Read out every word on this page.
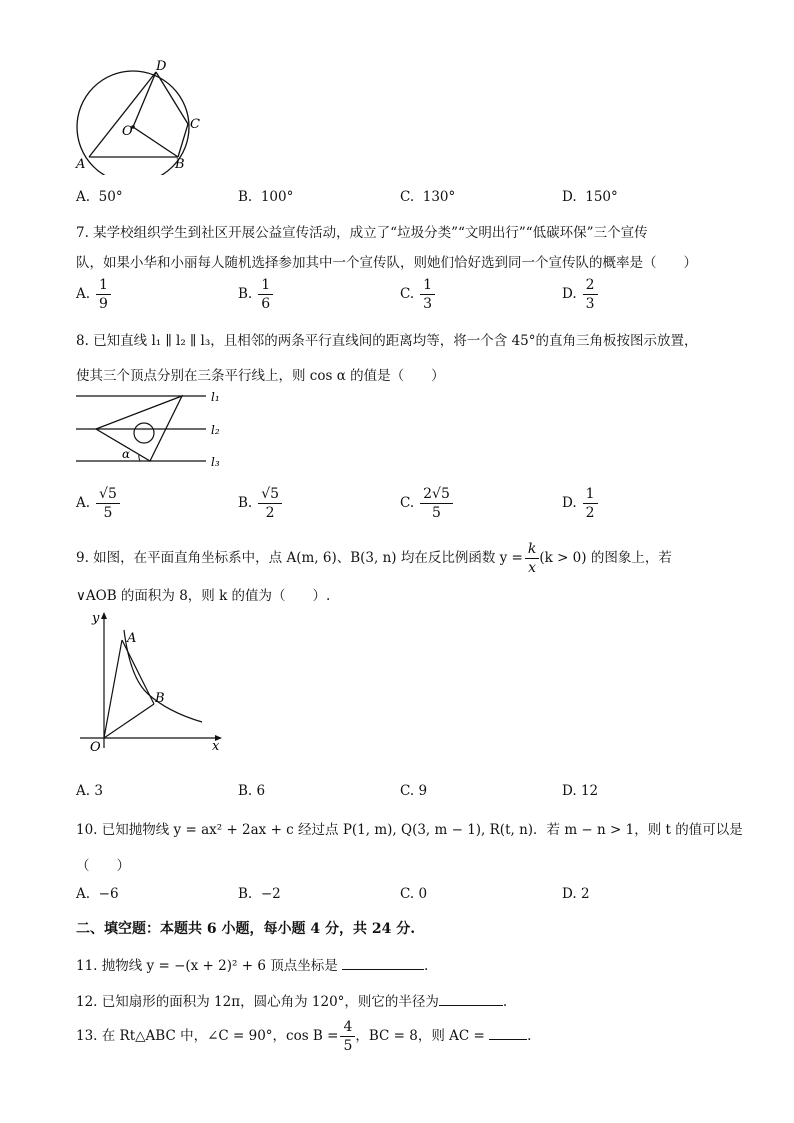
D
C
O
A	B
A. 50°	B. 100°	C. 130°	D. 150°
7. 某学校组织学生到社区开展公益宣传活动，成立了“垃圾分类”“文明出行”“低碳环保”三个宣传
队，如果小华和小丽每人随机选择参加其中一个宣传队，则她们恰好选到同一个宣传队的概率是（　　）
A. $\frac{1}{9}$	B. $\frac{1}{6}$	C. $\frac{1}{3}$	D. $\frac{2}{3}$
8. 已知直线 l₁ ∥ l₂ ∥ l₃，且相邻的两条平行直线间的距离均等，将一个含 45°的直角三角板按图示放置，
使其三个顶点分别在三条平行线上，则 cos α 的值是（　　）
α
l₁
l₂
l₃
A. $\frac{√5}{5}$	B. $\frac{√5}{2}$	C. $\frac{2√5}{5}$	D. $\frac{1}{2}$
9. 如图，在平面直角坐标系中，点 A(m, 6)、B(3, n) 均在反比例函数 $y = \frac{k}{x} (k > 0)$ 的图象上，若
∨AOB 的面积为 8，则 k 的值为（　　）.
y
x
O
A
B
A. 3	B. 6	C. 9	D. 12
10. 已知抛物线 y = ax² + 2ax + c 经过点 P(1, m), Q(3, m − 1), R(t, n)．若 m − n > 1，则 t 的值可以是
（　　）
A. −6	B. −2	C. 0	D. 2
二、填空题：本题共 6 小题，每小题 4 分，共 24 分.
11. 抛物线 y = −(x + 2)² + 6 顶点坐标是	.
12. 已知扇形的面积为 12π，圆心角为 120°，则它的半径为	.
13. 在 Rt△ABC 中，∠C = 90°，$\cos B = \frac{4}{5}$ ，BC = 8，则 AC =	.
